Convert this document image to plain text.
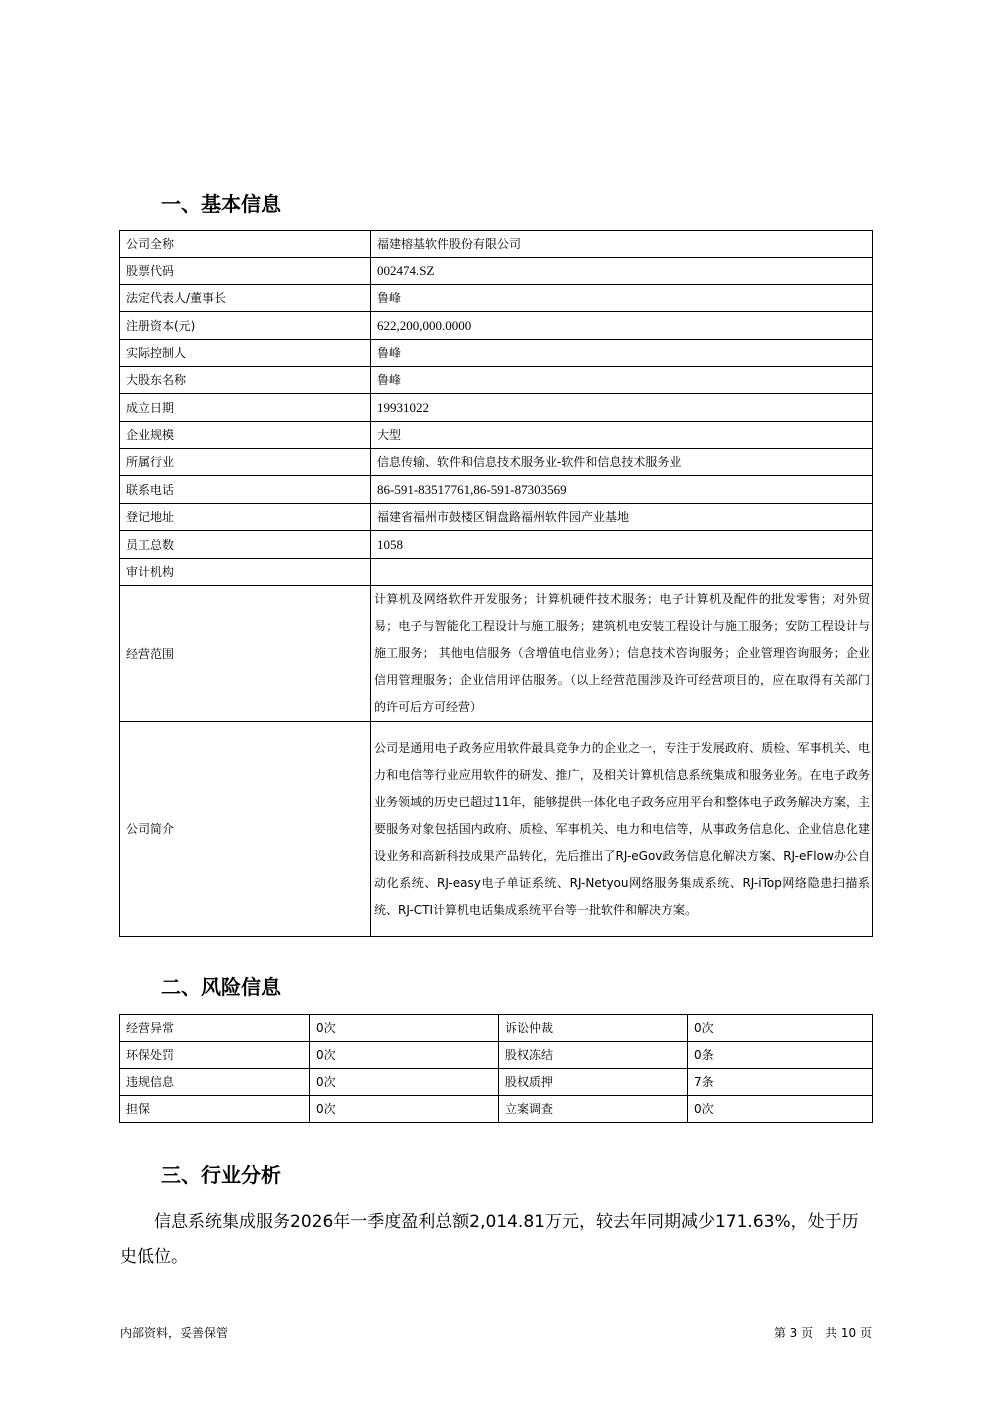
一、基本信息
公司全称	福建榕基软件股份有限公司
股票代码	002474.SZ
法定代表人/董事长	鲁峰
注册资本(元)	622,200,000.0000
实际控制人	鲁峰
大股东名称	鲁峰
成立日期	19931022
企业规模	大型
所属行业	信息传输、软件和信息技术服务业-软件和信息技术服务业
联系电话	86-591-83517761,86-591-87303569
登记地址	福建省福州市鼓楼区铜盘路福州软件园产业基地
员工总数	1058
审计机构	
经营范围	计算机及网络软件开发服务；计算机硬件技术服务；电子计算机及配件的批发零售；对外贸易；电子与智能化工程设计与施工服务；建筑机电安装工程设计与施工服务；安防工程设计与施工服务； 其他电信服务（含增值电信业务）；信息技术咨询服务；企业管理咨询服务；企业信用管理服务；企业信用评估服务。（以上经营范围涉及许可经营项目的，应在取得有关部门的许可后方可经营）
公司简介	公司是通用电子政务应用软件最具竞争力的企业之一，专注于发展政府、质检、军事机关、电力和电信等行业应用软件的研发、推广，及相关计算机信息系统集成和服务业务。在电子政务业务领域的历史已超过11年，能够提供一体化电子政务应用平台和整体电子政务解决方案，主要服务对象包括国内政府、质检、军事机关、电力和电信等，从事政务信息化、企业信息化建设业务和高新科技成果产品转化，先后推出了RJ-eGov政务信息化解决方案、RJ-eFlow办公自动化系统、RJ-easy电子单证系统、RJ-Netyou网络服务集成系统、RJ-iTop网络隐患扫描系统、RJ-CTI计算机电话集成系统平台等一批软件和解决方案。
二、风险信息
经营异常	0次	诉讼仲裁	0次
环保处罚	0次	股权冻结	0条
违规信息	0次	股权质押	7条
担保	0次	立案调查	0次
三、行业分析

信息系统集成服务2026年一季度盈利总额2,014.81万元，较去年同期减少171.63%，处于历史低位。

内部资料，妥善保管	第 3 页　共 10 页
